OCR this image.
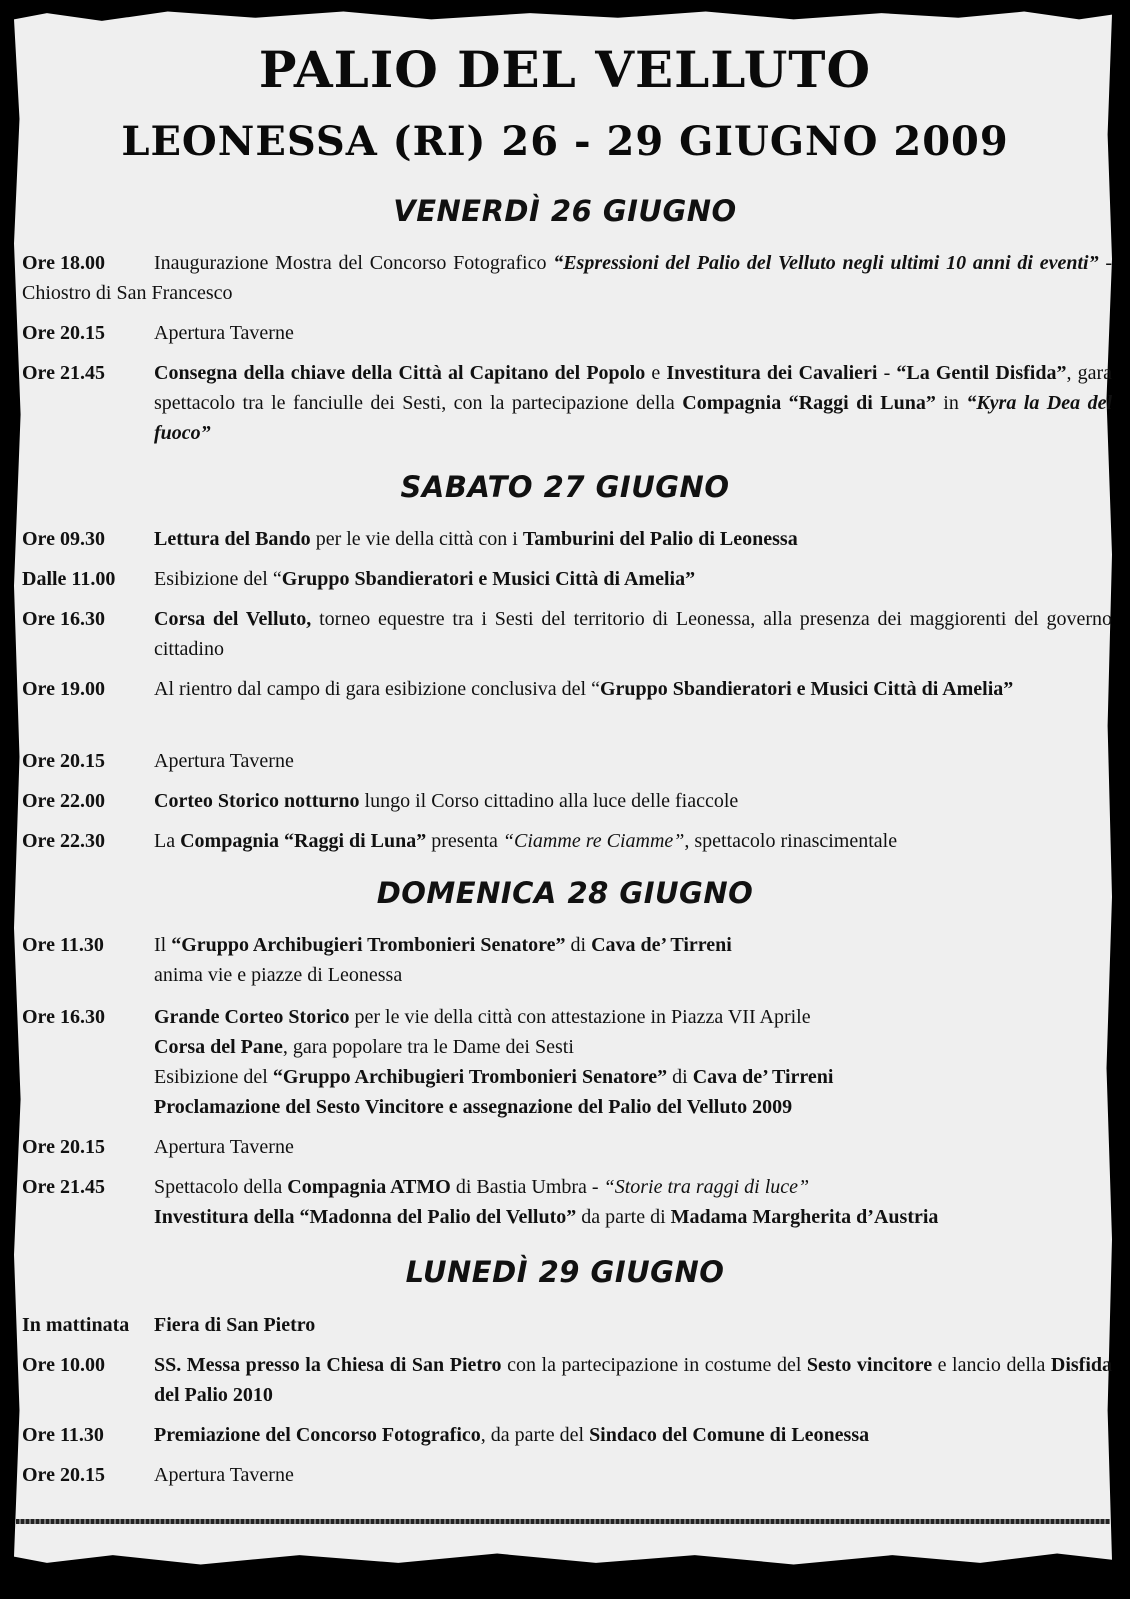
PALIO DEL VELLUTO
LEONESSA (RI) 26 - 29 GIUGNO 2009
VENERDÌ 26 GIUGNO
Inaugurazione Mostra del Concorso Fotografico “Espressioni del Palio del Velluto negli ultimi 10 anni di eventi” - Chiostro di San Francesco
Ore 18.00
Ore 20.15 Apertura Taverne
Ore 21.45 Consegna della chiave della Città al Capitano del Popolo e Investitura dei Cavalieri - “La Gentil Disfida”, gara spettacolo tra le fanciulle dei Sesti, con la partecipazione della Compagnia “Raggi di Luna” in “Kyra la Dea del fuoco”
SABATO 27 GIUGNO
Ore 09.30 Lettura del Bando per le vie della città con i Tamburini del Palio di Leonessa
Dalle 11.00 Esibizione del “Gruppo Sbandieratori e Musici Città di Amelia”
Ore 16.30 Corsa del Velluto, torneo equestre tra i Sesti del territorio di Leonessa, alla presenza dei maggiorenti del governo cittadino
Ore 19.00 Al rientro dal campo di gara esibizione conclusiva del “Gruppo Sbandieratori e Musici Città di Amelia”
Ore 20.15 Apertura Taverne
Ore 22.00 Corteo Storico notturno lungo il Corso cittadino alla luce delle fiaccole
Ore 22.30 La Compagnia “Raggi di Luna” presenta “Ciamme re Ciamme”, spettacolo rinascimentale
DOMENICA 28 GIUGNO
Ore 11.30	Il “Gruppo Archibugieri Trombonieri Senatore” di Cava de’ Tirreni
anima vie e piazze di Leonessa
Ore 16.30 Grande Corteo Storico per le vie della città con attestazione in Piazza VII Aprile
Corsa del Pane, gara popolare tra le Dame dei Sesti
Esibizione del “Gruppo Archibugieri Trombonieri Senatore” di Cava de’ Tirreni
Proclamazione del Sesto Vincitore e assegnazione del Palio del Velluto 2009
Ore 20.15 Apertura Taverne
Ore 21.45 Spettacolo della Compagnia ATMO di Bastia Umbra - “Storie tra raggi di luce”
Investitura della “Madonna del Palio del Velluto” da parte di Madama Margherita d’Austria
LUNEDÌ 29 GIUGNO
In mattinata Fiera di San Pietro
Ore 10.00 SS. Messa presso la Chiesa di San Pietro con la partecipazione in costume del Sesto vincitore e lancio della Disfida del Palio 2010
Ore 11.30	Premiazione del Concorso Fotografico, da parte del Sindaco del Comune di Leonessa
Ore 20.15 Apertura Taverne
